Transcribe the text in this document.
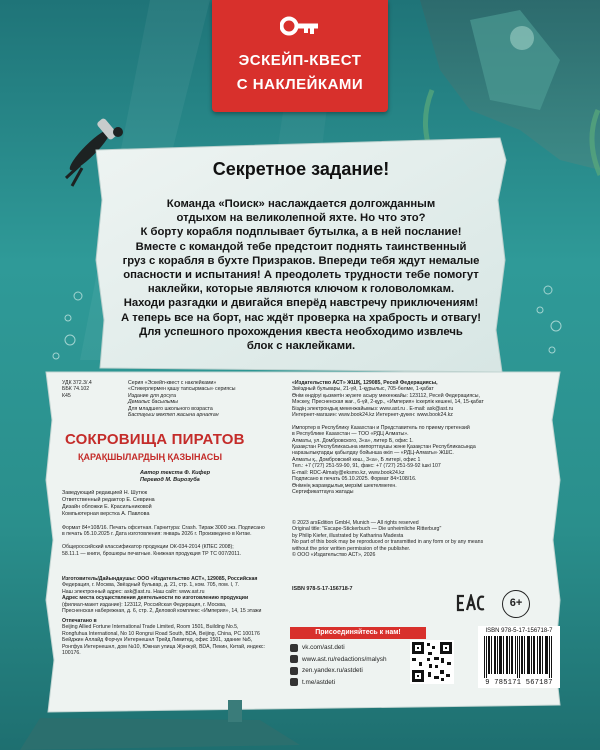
ЭСКЕЙП-КВЕСТ
С НАКЛЕЙКАМИ
Секретное задание!

Команда «Поиск» наслаждается долгожданным

отдыхом на великолепной яхте. Но что это?

К борту корабля подплывает бутылка, а в ней послание!

Вместе с командой тебе предстоит поднять таинственный

груз с корабля в бухте Призраков. Впереди тебя ждут немалые

опасности и испытания! А преодолеть трудности тебе помогут

наклейки, которые являются ключом к головоломкам.

Находи разгадки и двигайся вперёд навстречу приключениям!

А теперь все на борт, нас ждёт проверка на храбрость и отвагу!

Для успешного прохождения квеста необходимо извлечь

блок с наклейками.

УДК 372.3/.4

ББК 74.102

К45

Серия «Эскейп-квест с наклейками»

«Стикерлермен қашу тапсырмасы» сериясы

Издание для досуга

Демалыс басылымы

Для младшего школьного возраста

Бастауыш мектеп жасына арналған

«Издательство АСТ» ЖШҚ, 129085, Ресей Федерациясы,

Звёздный бульвары, 21-үй, 1-құрылыс, 705-бөлме, 1-қабат

Өнім өндіруі қызметін жүзеге асыру мекенжайы: 123112, Ресей Федерациясы,

Мәскеу, Пресненская жағ., 6-үй, 2-құр., «Империя» іскерлік кешені, 14, 15-қабат

Біздің электрондық мекенжайымыз: www.ast.ru . E-mail: ask@ast.ru

Интернет-магазин: www.book24.kz Интернет-дүкен: www.book24.kz

Импортер в Республику Казахстан и Представитель по приему претензий

в Республике Казахстан — ТОО «РДЦ Алматы».

Алматы, ул. Домбровского, 3«а», литер Б, офис 1.

Қазақстан Республикасына импорттаушы және Қазақстан Республикасында

наразылықтарды қабылдау бойынша өкіл — «РДЦ-Алматы» ЖШС.

Алматы қ., Домбровский көш., 3«а», Б литері, офис 1

Тел.: +7 (727) 251-59-90, 91, факс: +7 (727) 251-59-92 ішкі 107

E-mail: RDC-Almaty@eksmo.kz, www.book24.kz

Подписано в печать 05.10.2025. Формат 84×108/16.

Өнімнің жарамдылық мерзімі шектелмеген.

Сертификаттауға жатады

СОКРОВИЩА ПИРАТОВ
ҚАРАҚШЫЛАРДЫҢ ҚАЗЫНАСЫ
Автор текста Ф. Кифер
Перевод М. Вирозуба

Заведующий редакцией Н. Шутюк

Ответственный редактор Е. Севрина

Дизайн обложки Е. Красильниковой

Компьютерная верстка А. Павлова

Формат 84×108/16. Печать офсетная. Гарнитура: Crash. Тираж 3000 экз. Подписано

в печать 05.10.2025 г. Дата изготовления: январь 2026 г. Произведено в Китае.

Общероссийский классификатор продукции ОК-034-2014 (КПЕС 2008);

58.11.1 — книги, брошюры печатные. Книжная продукция ТР ТС 007/2011.

Изготовитель/Дайындаушы: ООО «Издательство АСТ», 129085, Российская

Федерация, г. Москва, Звёздный бульвар, д. 21, стр. 1, ком. 705, пом. I, 7.

Наш электронный адрес: ask@ast.ru. Наш сайт: www.ast.ru

Адрес места осуществления деятельности по изготовлению продукции

(филиал-макет издание): 123112, Российская Федерация, г. Москва,

Пресненская набережная, д. 6, стр. 2, Деловой комплекс «Империя», 14, 15 этажи

Отпечатано в

Beijing Allied Fortune International Trade Limited, Room 1501, Building No.5,

Rongfuhua International, No 10 Rongrui Road South, BDA, Beijing, China, PC 100176

Бейджин Аллайд Форчун Интернешнл Трейд Лимитед, офис 1501, здание №5,

Ронгфуа Интернешнл, дом №10, Южная улица Жунжуй, BDA, Пекин, Китай, индекс: 100176.

© 2023 arsEdition GmbH, Munich — All rights reserved

Original title: "Escape-Stickerbuch — Die unheimliche Ritterburg"

by Philip Kiefer, illustrated by Katharina Madesta

No part of this book may be reproduced or transmitted in any form or by any means

without the prior written permission of the publisher.

© ООО «Издательство АСТ», 2026

ISBN 978-5-17-156718-7
6+
Присоединяйтесь к нам!
vk.com/ast.deti
www.ast.ru/redactions/malysh
zen.yandex.ru/astdeti
t.me/astdeti
ISBN 978-5-17-156718-7
9 785171 567187
